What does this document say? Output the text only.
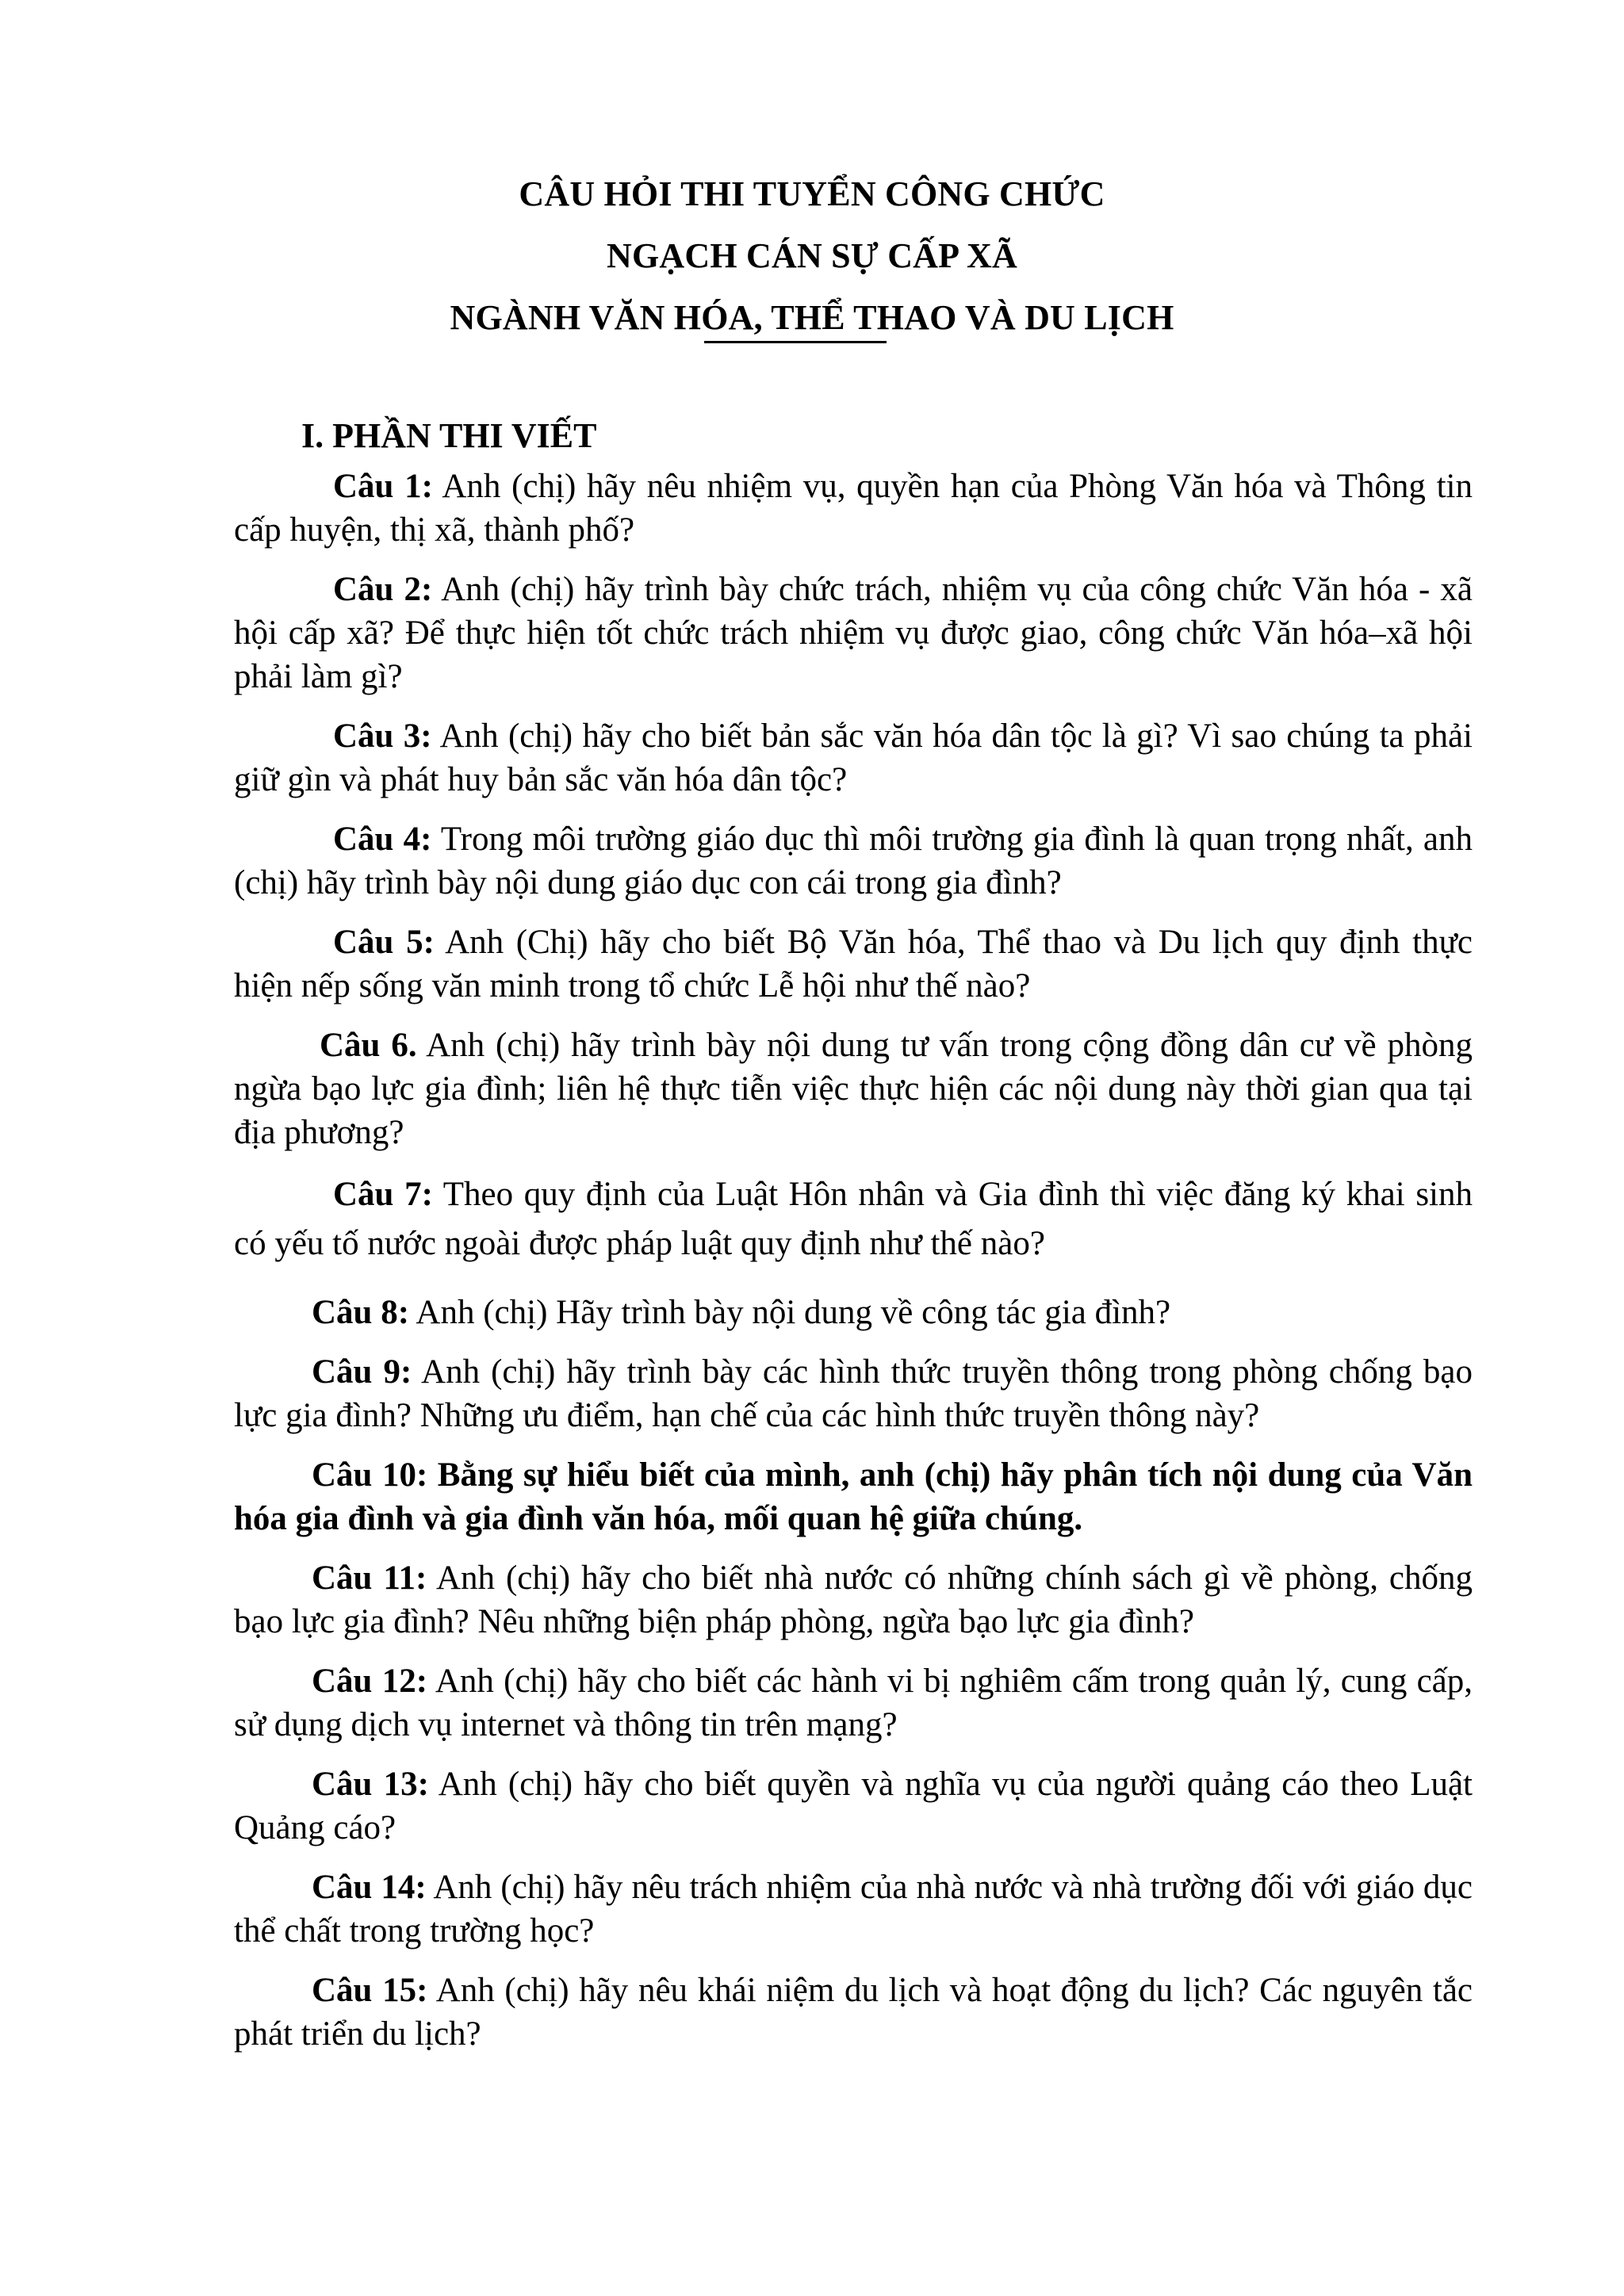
CÂU HỎI THI TUYỂN CÔNG CHỨC
NGẠCH CÁN SỰ CẤP XÃ
NGÀNH VĂN HÓA, THỂ THAO VÀ DU LỊCH
I. PHẦN THI VIẾT

Câu 1: Anh (chị) hãy nêu nhiệm vụ, quyền hạn của Phòng Văn hóa và Thông tin cấp huyện, thị xã, thành phố?

Câu 2: Anh (chị) hãy trình bày chức trách, nhiệm vụ của công chức Văn hóa - xã hội cấp xã? Để thực hiện tốt chức trách nhiệm vụ được giao, công chức Văn hóa–xã hội phải làm gì?

Câu 3: Anh (chị) hãy cho biết bản sắc văn hóa dân tộc là gì? Vì sao chúng ta phải giữ gìn và phát huy bản sắc văn hóa dân tộc?

Câu 4: Trong môi trường giáo dục thì môi trường gia đình là quan trọng nhất, anh (chị) hãy trình bày nội dung giáo dục con cái trong gia đình?

Câu 5: Anh (Chị) hãy cho biết Bộ Văn hóa, Thể thao và Du lịch quy định thực hiện nếp sống văn minh trong tổ chức Lễ hội như thế nào?

Câu 6. Anh (chị) hãy trình bày nội dung tư vấn trong cộng đồng dân cư về phòng ngừa bạo lực gia đình; liên hệ thực tiễn việc thực hiện các nội dung này thời gian qua tại địa phương?

Câu 7: Theo quy định của Luật Hôn nhân và Gia đình thì việc đăng ký khai sinh có yếu tố nước ngoài được pháp luật quy định như thế nào?

Câu 8: Anh (chị) Hãy trình bày nội dung về công tác gia đình?

Câu 9: Anh (chị) hãy trình bày các hình thức truyền thông trong phòng chống bạo lực gia đình? Những ưu điểm, hạn chế của các hình thức truyền thông này?

Câu 10: Bằng sự hiểu biết của mình, anh (chị) hãy phân tích nội dung của Văn hóa gia đình và gia đình văn hóa, mối quan hệ giữa chúng.

Câu 11: Anh (chị) hãy cho biết nhà nước có những chính sách gì về phòng, chống bạo lực gia đình? Nêu những biện pháp phòng, ngừa bạo lực gia đình?

Câu 12: Anh (chị) hãy cho biết các hành vi bị nghiêm cấm trong quản lý, cung cấp, sử dụng dịch vụ internet và thông tin trên mạng?

Câu 13: Anh (chị) hãy cho biết quyền và nghĩa vụ của người quảng cáo theo Luật Quảng cáo?

Câu 14: Anh (chị) hãy nêu trách nhiệm của nhà nước và nhà trường đối với giáo dục thể chất trong trường học?

Câu 15: Anh (chị) hãy nêu khái niệm du lịch và hoạt động du lịch? Các nguyên tắc phát triển du lịch?
